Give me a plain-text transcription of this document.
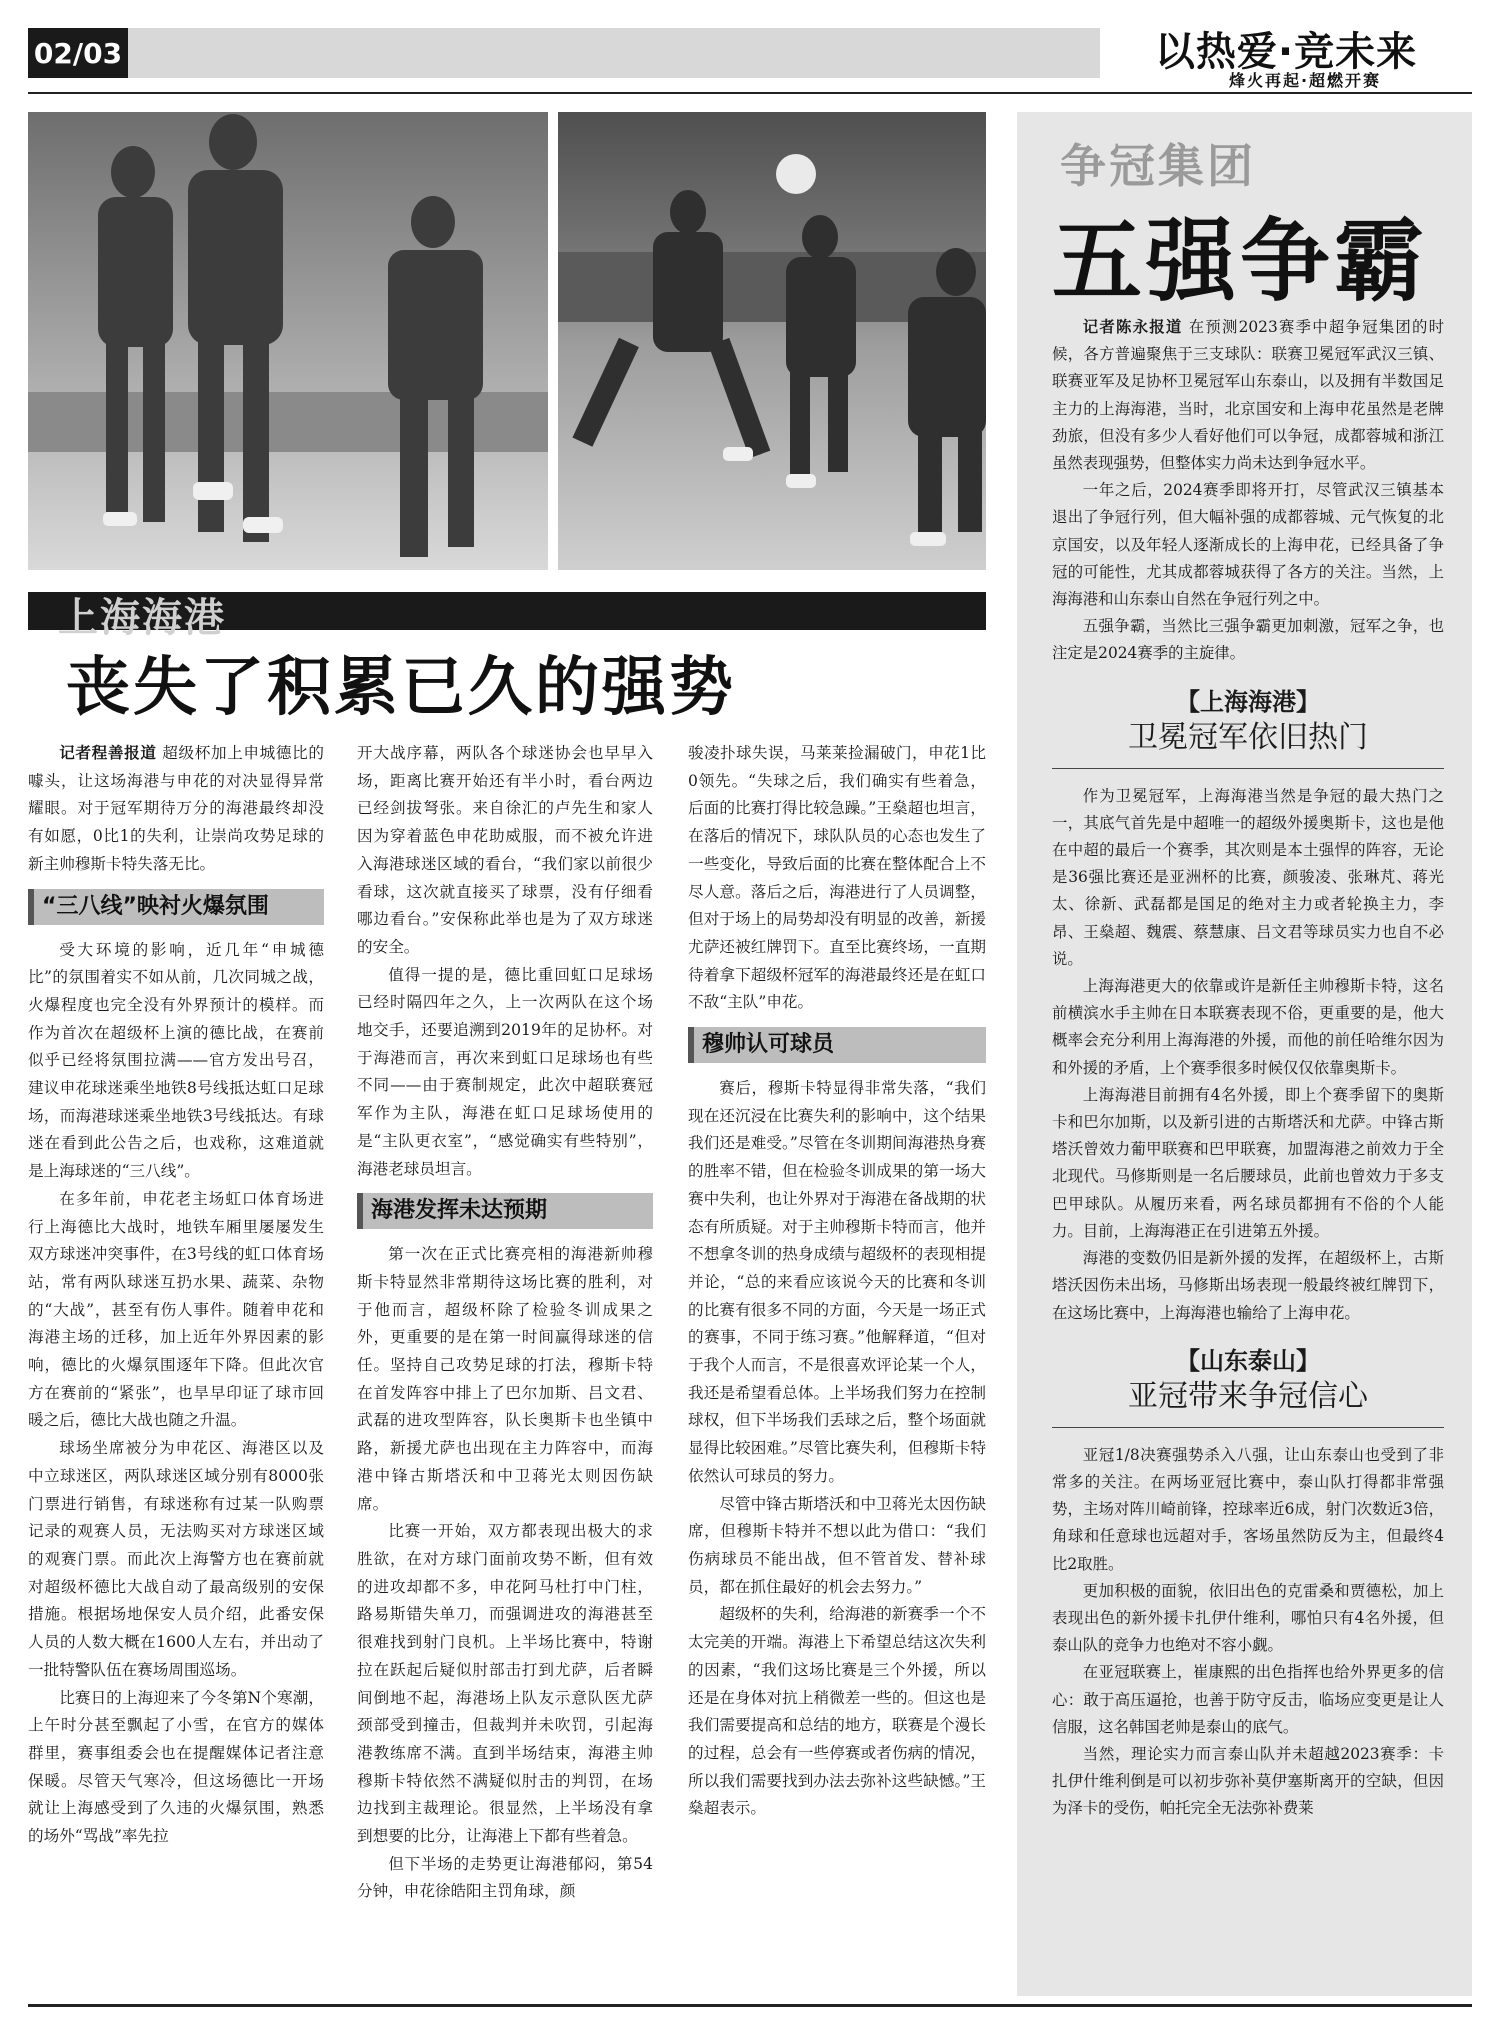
02/03	以热爱·竞未来
烽火再起·超燃开赛
上海海港
丧失了积累已久的强势

记者程善报道 超级杯加上申城德比的噱头，让这场海港与申花的对决显得异常耀眼。对于冠军期待万分的海港最终却没有如愿，0比1的失利，让崇尚攻势足球的新主帅穆斯卡特失落无比。

“三八线”映衬火爆氛围

受大环境的影响，近几年“申城德比”的氛围着实不如从前，几次同城之战，火爆程度也完全没有外界预计的模样。而作为首次在超级杯上演的德比战，在赛前似乎已经将氛围拉满——官方发出号召，建议申花球迷乘坐地铁8号线抵达虹口足球场，而海港球迷乘坐地铁3号线抵达。有球迷在看到此公告之后，也戏称，这难道就是上海球迷的“三八线”。

在多年前，申花老主场虹口体育场进行上海德比大战时，地铁车厢里屡屡发生双方球迷冲突事件，在3号线的虹口体育场站，常有两队球迷互扔水果、蔬菜、杂物的“大战”，甚至有伤人事件。随着申花和海港主场的迁移，加上近年外界因素的影响，德比的火爆氛围逐年下降。但此次官方在赛前的“紧张”，也旱早印证了球市回暖之后，德比大战也随之升温。

球场坐席被分为申花区、海港区以及中立球迷区，两队球迷区域分别有8000张门票进行销售，有球迷称有过某一队购票记录的观赛人员，无法购买对方球迷区域的观赛门票。而此次上海警方也在赛前就对超级杯德比大战自动了最高级别的安保措施。根据场地保安人员介绍，此番安保人员的人数大概在1600人左右，并出动了一批特警队伍在赛场周围巡场。

比赛日的上海迎来了今冬第N个寒潮，上午时分甚至飘起了小雪，在官方的媒体群里，赛事组委会也在提醒媒体记者注意保暖。尽管天气寒冷，但这场德比一开场就让上海感受到了久违的火爆氛围，熟悉的场外“骂战”率先拉

开大战序幕，两队各个球迷协会也早早入场，距离比赛开始还有半小时，看台两边已经剑拔弩张。来自徐汇的卢先生和家人因为穿着蓝色申花助威服，而不被允许进入海港球迷区域的看台，“我们家以前很少看球，这次就直接买了球票，没有仔细看哪边看台。”安保称此举也是为了双方球迷的安全。

值得一提的是，德比重回虹口足球场已经时隔四年之久，上一次两队在这个场地交手，还要追溯到2019年的足协杯。对于海港而言，再次来到虹口足球场也有些不同——由于赛制规定，此次中超联赛冠军作为主队，海港在虹口足球场使用的是“主队更衣室”，“感觉确实有些特别”，海港老球员坦言。

海港发挥未达预期

第一次在正式比赛亮相的海港新帅穆斯卡特显然非常期待这场比赛的胜利，对于他而言，超级杯除了检验冬训成果之外，更重要的是在第一时间赢得球迷的信任。坚持自己攻势足球的打法，穆斯卡特在首发阵容中排上了巴尔加斯、吕文君、武磊的进攻型阵容，队长奥斯卡也坐镇中路，新援尤萨也出现在主力阵容中，而海港中锋古斯塔沃和中卫蒋光太则因伤缺席。

比赛一开始，双方都表现出极大的求胜欲，在对方球门面前攻势不断，但有效的进攻却都不多，申花阿马杜打中门柱，路易斯错失单刀，而强调进攻的海港甚至很难找到射门良机。上半场比赛中，特谢拉在跃起后疑似肘部击打到尤萨，后者瞬间倒地不起，海港场上队友示意队医尤萨颈部受到撞击，但裁判并未吹罚，引起海港教练席不满。直到半场结束，海港主帅穆斯卡特依然不满疑似肘击的判罚，在场边找到主裁理论。很显然，上半场没有拿到想要的比分，让海港上下都有些着急。

但下半场的走势更让海港郁闷，第54分钟，申花徐皓阳主罚角球，颜

骏凌扑球失误，马莱莱捡漏破门，申花1比0领先。“失球之后，我们确实有些着急，后面的比赛打得比较急躁。”王燊超也坦言，在落后的情况下，球队队员的心态也发生了一些变化，导致后面的比赛在整体配合上不尽人意。落后之后，海港进行了人员调整，但对于场上的局势却没有明显的改善，新援尤萨还被红牌罚下。直至比赛终场，一直期待着拿下超级杯冠军的海港最终还是在虹口不敌“主队”申花。

穆帅认可球员

赛后，穆斯卡特显得非常失落，“我们现在还沉浸在比赛失利的影响中，这个结果我们还是难受。”尽管在冬训期间海港热身赛的胜率不错，但在检验冬训成果的第一场大赛中失利，也让外界对于海港在备战期的状态有所质疑。对于主帅穆斯卡特而言，他并不想拿冬训的热身成绩与超级杯的表现相提并论，“总的来看应该说今天的比赛和冬训的比赛有很多不同的方面，今天是一场正式的赛事，不同于练习赛。”他解释道，“但对于我个人而言，不是很喜欢评论某一个人，我还是希望看总体。上半场我们努力在控制球权，但下半场我们丢球之后，整个场面就显得比较困难。”尽管比赛失利，但穆斯卡特依然认可球员的努力。

尽管中锋古斯塔沃和中卫蒋光太因伤缺席，但穆斯卡特并不想以此为借口：“我们伤病球员不能出战，但不管首发、替补球员，都在抓住最好的机会去努力。”

超级杯的失利，给海港的新赛季一个不太完美的开端。海港上下希望总结这次失利的因素，“我们这场比赛是三个外援，所以还是在身体对抗上稍微差一些的。但这也是我们需要提高和总结的地方，联赛是个漫长的过程，总会有一些停赛或者伤病的情况，所以我们需要找到办法去弥补这些缺憾。”王燊超表示。

争冠集团
五强争霸

记者陈永报道 在预测2023赛季中超争冠集团的时候，各方普遍聚焦于三支球队：联赛卫冕冠军武汉三镇、联赛亚军及足协杯卫冕冠军山东泰山，以及拥有半数国足主力的上海海港，当时，北京国安和上海申花虽然是老牌劲旅，但没有多少人看好他们可以争冠，成都蓉城和浙江虽然表现强势，但整体实力尚未达到争冠水平。

一年之后，2024赛季即将开打，尽管武汉三镇基本退出了争冠行列，但大幅补强的成都蓉城、元气恢复的北京国安，以及年轻人逐渐成长的上海申花，已经具备了争冠的可能性，尤其成都蓉城获得了各方的关注。当然，上海海港和山东泰山自然在争冠行列之中。

五强争霸，当然比三强争霸更加刺激，冠军之争，也注定是2024赛季的主旋律。

【上海海港】
卫冕冠军依旧热门

作为卫冕冠军，上海海港当然是争冠的最大热门之一，其底气首先是中超唯一的超级外援奥斯卡，这也是他在中超的最后一个赛季，其次则是本土强悍的阵容，无论是36强比赛还是亚洲杯的比赛，颜骏凌、张琳芃、蒋光太、徐新、武磊都是国足的绝对主力或者轮换主力，李昂、王燊超、魏震、蔡慧康、吕文君等球员实力也自不必说。

上海海港更大的依靠或许是新任主帅穆斯卡特，这名前横滨水手主帅在日本联赛表现不俗，更重要的是，他大概率会充分利用上海海港的外援，而他的前任哈维尔因为和外援的矛盾，上个赛季很多时候仅仅依靠奥斯卡。

上海海港目前拥有4名外援，即上个赛季留下的奥斯卡和巴尔加斯，以及新引进的古斯塔沃和尤萨。中锋古斯塔沃曾效力葡甲联赛和巴甲联赛，加盟海港之前效力于全北现代。马修斯则是一名后腰球员，此前也曾效力于多支巴甲球队。从履历来看，两名球员都拥有不俗的个人能力。目前，上海海港正在引进第五外援。

海港的变数仍旧是新外援的发挥，在超级杯上，古斯塔沃因伤未出场，马修斯出场表现一般最终被红牌罚下，在这场比赛中，上海海港也输给了上海申花。

【山东泰山】
亚冠带来争冠信心

亚冠1/8决赛强势杀入八强，让山东泰山也受到了非常多的关注。在两场亚冠比赛中，泰山队打得都非常强势，主场对阵川崎前锋，控球率近6成，射门次数近3倍，角球和任意球也远超对手，客场虽然防反为主，但最终4比2取胜。

更加积极的面貌，依旧出色的克雷桑和贾德松，加上表现出色的新外援卡扎伊什维利，哪怕只有4名外援，但泰山队的竞争力也绝对不容小觑。

在亚冠联赛上，崔康熙的出色指挥也给外界更多的信心：敢于高压逼抢，也善于防守反击，临场应变更是让人信服，这名韩国老帅是泰山的底气。

当然，理论实力而言泰山队并未超越2023赛季：卡扎伊什维利倒是可以初步弥补莫伊塞斯离开的空缺，但因为泽卡的受伤，帕托完全无法弥补费莱
